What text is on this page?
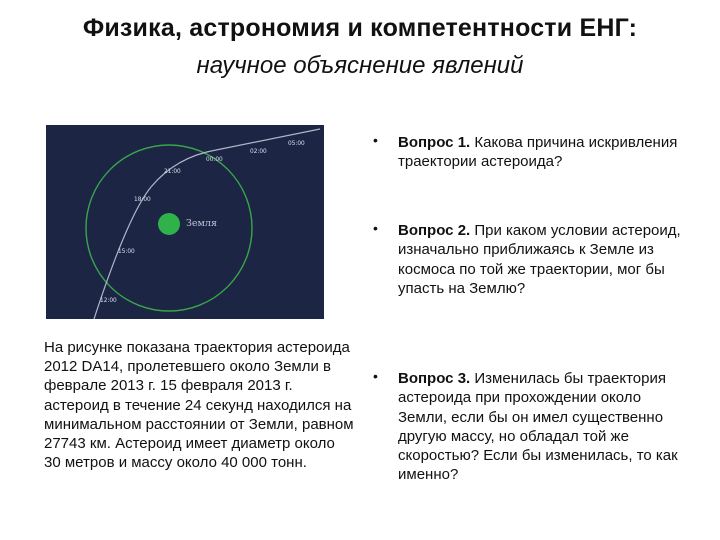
Физика, астрономия и компетентности ЕНГ:
научное объяснение явлений
Земля
05:00
02:00
00:00
21:00
18:00
15:00
12:00
На рисунке показана траектория астероида 2012 DA14, пролетевшего около Земли в феврале 2013 г. 15 февраля 2013 г. астероид в течение 24 секунд находился на минимальном расстоянии от Земли, равном 27743 км. Астероид имеет диаметр около 30 метров и массу около 40 000 тонн.
• Вопрос 1. Какова причина искривления траектории астероида?
• Вопрос 2. При каком условии астероид, изначально приближаясь к Земле из космоса по той же траектории, мог бы упасть на Землю?
• Вопрос 3. Изменилась бы траектория астероида при прохождении около Земли, если бы он имел существенно другую массу, но обладал той же скоростью? Если бы изменилась, то как именно?
